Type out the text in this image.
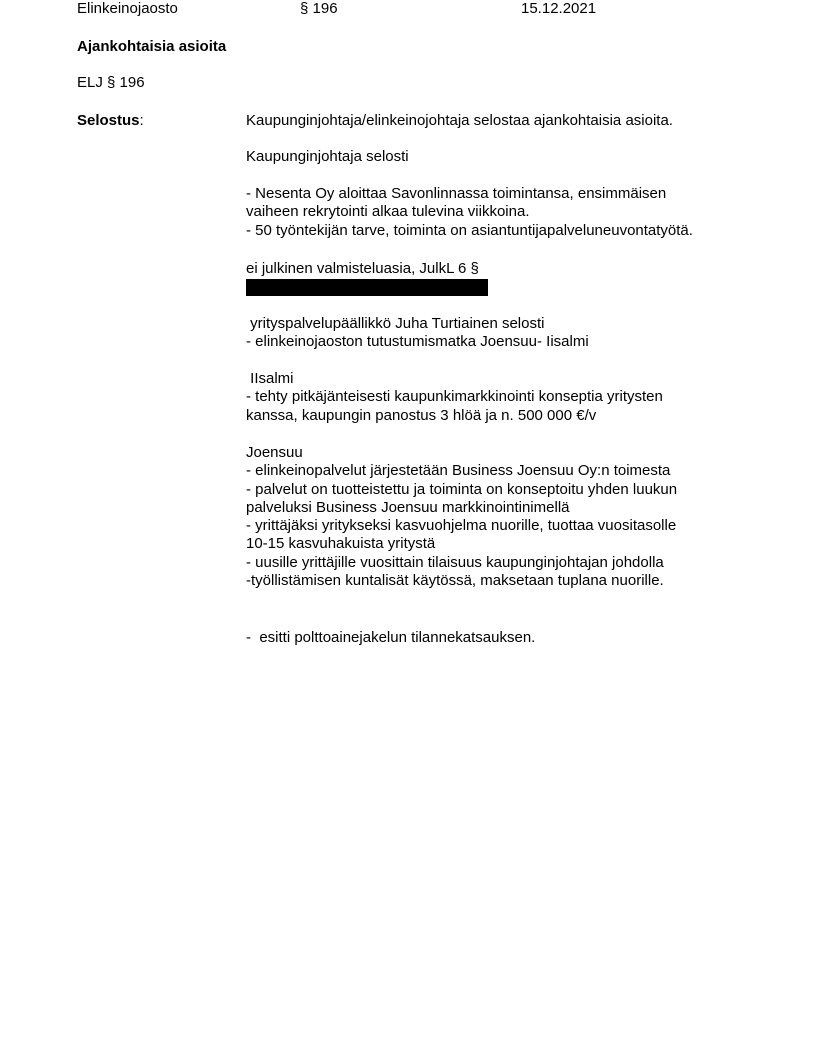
Elinkeinojaosto	§ 196	15.12.2021
Ajankohtaisia asioita
ELJ § 196
Selostus:	Kaupunginjohtaja/elinkeinojohtaja selostaa ajankohtaisia asioita.
Kaupunginjohtaja selosti
- Nesenta Oy aloittaa Savonlinnassa toimintansa, ensimmäisen
vaiheen rekrytointi alkaa tulevina viikkoina.
- 50 työntekijän tarve, toiminta on asiantuntijapalveluneuvontatyötä.
ei julkinen valmisteluasia, JulkL 6 §
yrityspalvelupäällikkö Juha Turtiainen selosti
- elinkeinojaoston tutustumismatka Joensuu- Iisalmi
IIsalmi
- tehty pitkäjänteisesti kaupunkimarkkinointi konseptia yritysten
kanssa, kaupungin panostus 3 hlöä ja n. 500 000 €/v
Joensuu
- elinkeinopalvelut järjestetään Business Joensuu Oy:n toimesta
- palvelut on tuotteistettu ja toiminta on konseptoitu yhden luukun
palveluksi Business Joensuu markkinointinimellä
- yrittäjäksi yritykseksi kasvuohjelma nuorille, tuottaa vuositasolle
10-15 kasvuhakuista yritystä
- uusille yrittäjille vuosittain tilaisuus kaupunginjohtajan johdolla
-työllistämisen kuntalisät käytössä, maksetaan tuplana nuorille.
-  esitti polttoainejakelun tilannekatsauksen.
